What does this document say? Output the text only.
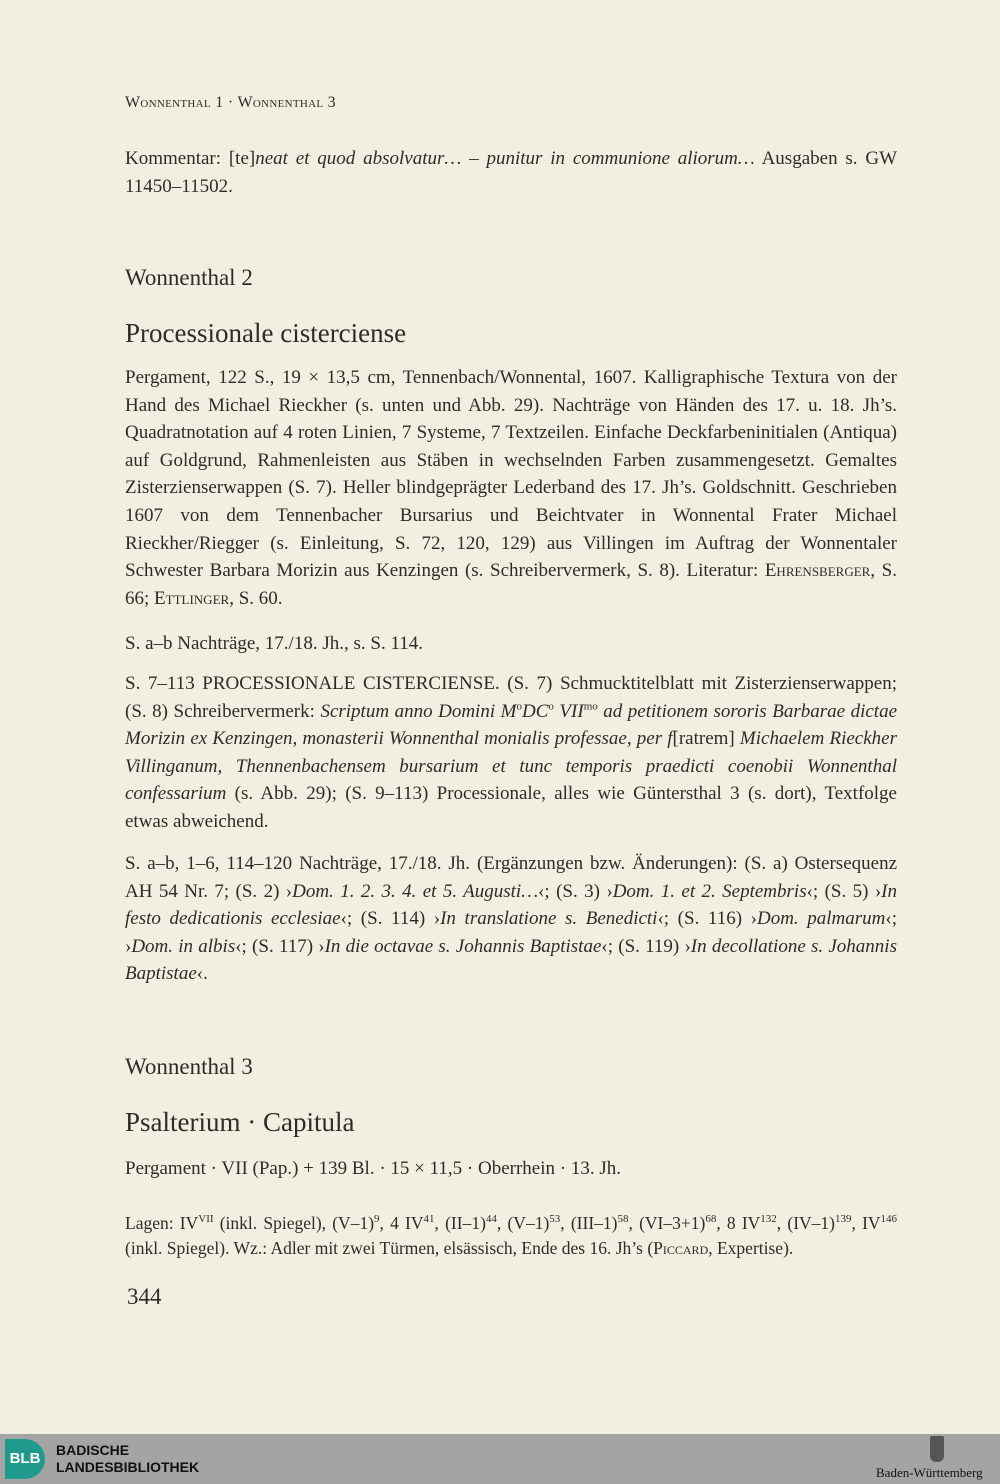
Wonnenthal 1 · Wonnenthal 3
Kommentar: [te]neat et quod absolvatur… – punitur in communione aliorum… Ausgaben s. GW 11450–11502.
Pergament, 122 S., 19 × 13,5 cm, Tennenbach/Wonnental, 1607. Kalligraphische Textura von der Hand des Michael Rieckher (s. unten und Abb. 29). Nachträge von Händen des 17. u. 18. Jh’s. Quadratnotation auf 4 roten Linien, 7 Systeme, 7 Textzeilen. Einfache Deckfarbeninitialen (Antiqua) auf Goldgrund, Rahmenleisten aus Stäben in wechselnden Farben zusammengesetzt. Gemaltes Zisterzienserwappen (S. 7). Heller blindgeprägter Lederband des 17. Jh’s. Goldschnitt. Geschrieben 1607 von dem Tennenbacher Bursarius und Beichtvater in Wonnental Frater Michael Rieckher/Riegger (s. Einleitung, S. 72, 120, 129) aus Villingen im Auftrag der Wonnentaler Schwester Barbara Morizin aus Kenzingen (s. Schreibervermerk, S. 8). Literatur: Ehrensberger, S. 66; Ettlinger, S. 60.
S. a–b Nachträge, 17./18. Jh., s. S. 114.
S. 7–113 PROCESSIONALE CISTERCIENSE. (S. 7) Schmucktitelblatt mit Zisterzienserwappen; (S. 8) Schreibervermerk: Scriptum anno Domini $M^oDC^o$ $VII^{mo}$ ad petitionem sororis Barbarae dictae Morizin ex Kenzingen, monasterii Wonnenthal monialis professae, per f[ratrem] Michaelem Rieckher Villinganum, Thennenbachensem bursarium et tunc temporis praedicti coenobii Wonnenthal confessarium (s. Abb. 29); (S. 9–113) Processionale, alles wie Güntersthal 3 (s. dort), Textfolge etwas abweichend.
S. a–b, 1–6, 114–120 Nachträge, 17./18. Jh. (Ergänzungen bzw. Änderungen): (S. a) Ostersequenz AH 54 Nr. 7; (S. 2) ›Dom. 1. 2. 3. 4. et 5. Augusti…‹; (S. 3) ›Dom. 1. et 2. Septembris‹; (S. 5) ›In festo dedicationis ecclesiae‹; (S. 114) ›In translatione s. Benedicti‹; (S. 116) ›Dom. palmarum‹; ›Dom. in albis‹; (S. 117) ›In die octavae s. Johannis Baptistae‹; (S. 119) ›In decollatione s. Johannis Baptistae‹.
Pergament · VII (Pap.) + 139 Bl. · 15 × 11,5 · Oberrhein · 13. Jh.
Lagen: $IV^{VII}$ (inkl. Spiegel), $(V-1)^9$, 4 IV$^{41}$, $(II-1)^{44}$, $(V-1)^{53}$, $(III-1)^{58}$, $(VI-3+1)^{68}$, 8 IV$^{132}$, $(IV-1)^{139}$, IV$^{146}$ (inkl. Spiegel). Wz.: Adler mit zwei Türmen, elsässisch, Ende des 16. Jh’s (Piccard, Expertise).
Wonnenthal 2
Processionale cisterciense
Wonnenthal 3
Psalterium · Capitula
344
BLB	BADISCHE
LANDESBIBLIOTHEK	Baden-Württemberg
